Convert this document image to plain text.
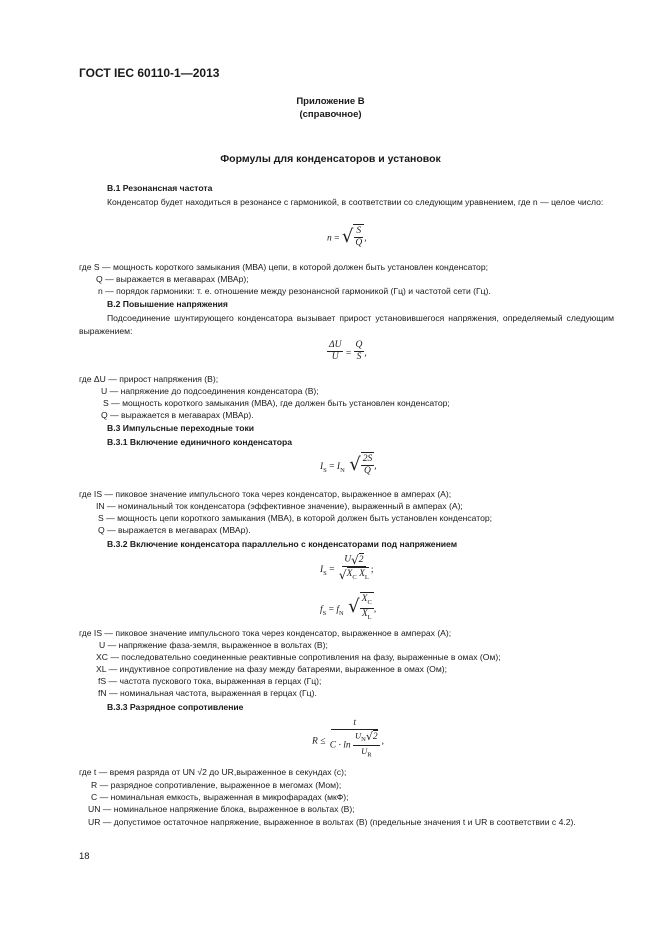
ГОСТ IEC 60110-1—2013
Приложение В
(справочное)
Формулы для конденсаторов и установок
В.1 Резонансная частота
Конденсатор будет находиться в резонансе с гармоникой, в соответствии со следующим уравнением, где n — целое число:
n = √ $\frac{S}{Q}$ ,
где S — мощность короткого замыкания (МВА) цепи, в которой должен быть установлен конденсатор;
Q — выражается в мегаварах (МВАр);
n — порядок гармоники: т. е. отношение между резонансной гармоникой (Гц) и частотой сети (Гц).
В.2 Повышение напряжения
Подсоединение шунтирующего конденсатора вызывает прирост установившегося напряжения, определяемый следующим выражением:
$\frac{\Delta U}{U} = \frac{Q}{S}$ ,
где ΔU — прирост напряжения (В);
U — напряжение до подсоединения конденсатора (В);
S — мощность короткого замыкания (МВА), где должен быть установлен конденсатор;
Q — выражается в мегаварах (МВАр).
В.3 Импульсные переходные токи
В.3.1 Включение единичного конденсатора
$I_S = I_N$ √ $\frac{2S}{Q}$ ,
где IS — пиковое значение импульсного тока через конденсатор, выраженное в амперах (А);
IN — номинальный ток конденсатора (эффективное значение), выраженный в амперах (А);
S — мощность цепи короткого замыкания (МВА), в которой должен быть установлен конденсатор;
Q — выражается в мегаварах (МВАр).
В.3.2 Включение конденсатора параллельно с конденсаторами под напряжением
$I_S = \frac{U √ 2}{√ X_C X_L}$ ;
$f_S = f_N$ √ $\frac{X_C}{X_L}$ ,
где IS — пиковое значение импульсного тока через конденсатор, выраженное в амперах (А);
U — напряжение фаза-земля, выраженное в вольтах (В);
XC — последовательно соединенные реактивные сопротивления на фазу, выраженные в омах (Ом);
XL — индуктивное сопротивление на фазу между батареями, выраженное в омах (Ом);
fS — частота пускового тока, выраженная в герцах (Гц);
fN — номинальная частота, выраженная в герцах (Гц).
В.3.3 Разрядное сопротивление
$R \le \frac{t}{C \cdot \ln \frac{U_N √ 2}{U_R}}$ ,
где t — время разряда от UN √2 до UR,выраженное в секундах (с);
R — разрядное сопротивление, выраженное в мегомах (Мом);
C — номинальная емкость, выраженная в микрофарадах (мкФ);
UN — номинальное напряжение блока, выраженное в вольтах (В);
UR — допустимое остаточное напряжение, выраженное в вольтах (В) (предельные значения t и UR в соответствии с 4.2).
18
